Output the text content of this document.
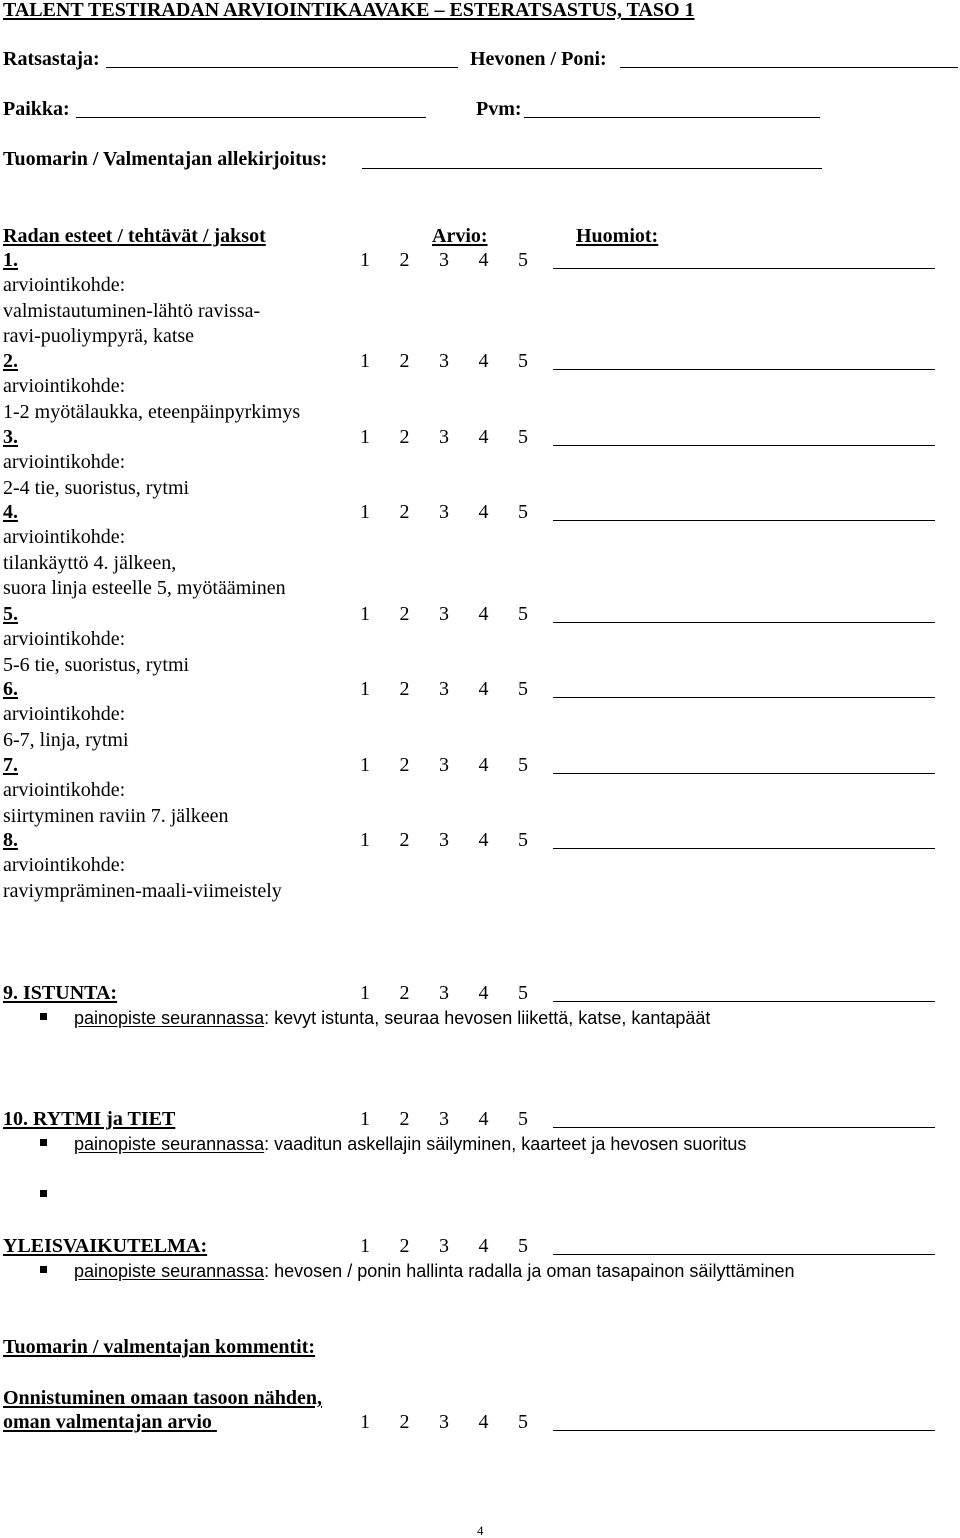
TALENT TESTIRADAN ARVIOINTIKAAVAKE – ESTERATSASTUS, TASO 1
Ratsastaja:	Hevonen / Poni:
Paikka:	Pvm:
Tuomarin / Valmentajan allekirjoitus:
Radan esteet / tehtävät / jaksot	Arvio:	Huomiot:
1.	1 2 3 4 5
arviointikohde:
valmistautuminen-lähtö ravissa-
ravi-puoliympyrä, katse
2.	1 2 3 4 5
arviointikohde:
1-2 myötälaukka, eteenpäinpyrkimys
3.	1 2 3 4 5
arviointikohde:
2-4 tie, suoristus, rytmi
4.	1 2 3 4 5
arviointikohde:
tilankäyttö 4. jälkeen,
suora linja esteelle 5, myötääminen
5.	1 2 3 4 5
arviointikohde:
5-6 tie, suoristus, rytmi
6.	1 2 3 4 5
arviointikohde:
6-7, linja, rytmi
7.	1 2 3 4 5
arviointikohde:
siirtyminen raviin 7. jälkeen
8.	1 2 3 4 5
arviointikohde:
raviympräminen-maali-viimeistely
9. ISTUNTA:	1 2 3 4 5
painopiste seurannassa: kevyt istunta, seuraa hevosen liikettä, katse, kantapäät
10. RYTMI ja TIET	1 2 3 4 5
painopiste seurannassa: vaaditun askellajin säilyminen, kaarteet ja hevosen suoritus
YLEISVAIKUTELMA:	1 2 3 4 5
painopiste seurannassa: hevosen / ponin hallinta radalla ja oman tasapainon säilyttäminen
Tuomarin / valmentajan kommentit:
Onnistuminen omaan tasoon nähden,
oman valmentajan arvio	1 2 3 4 5
4
